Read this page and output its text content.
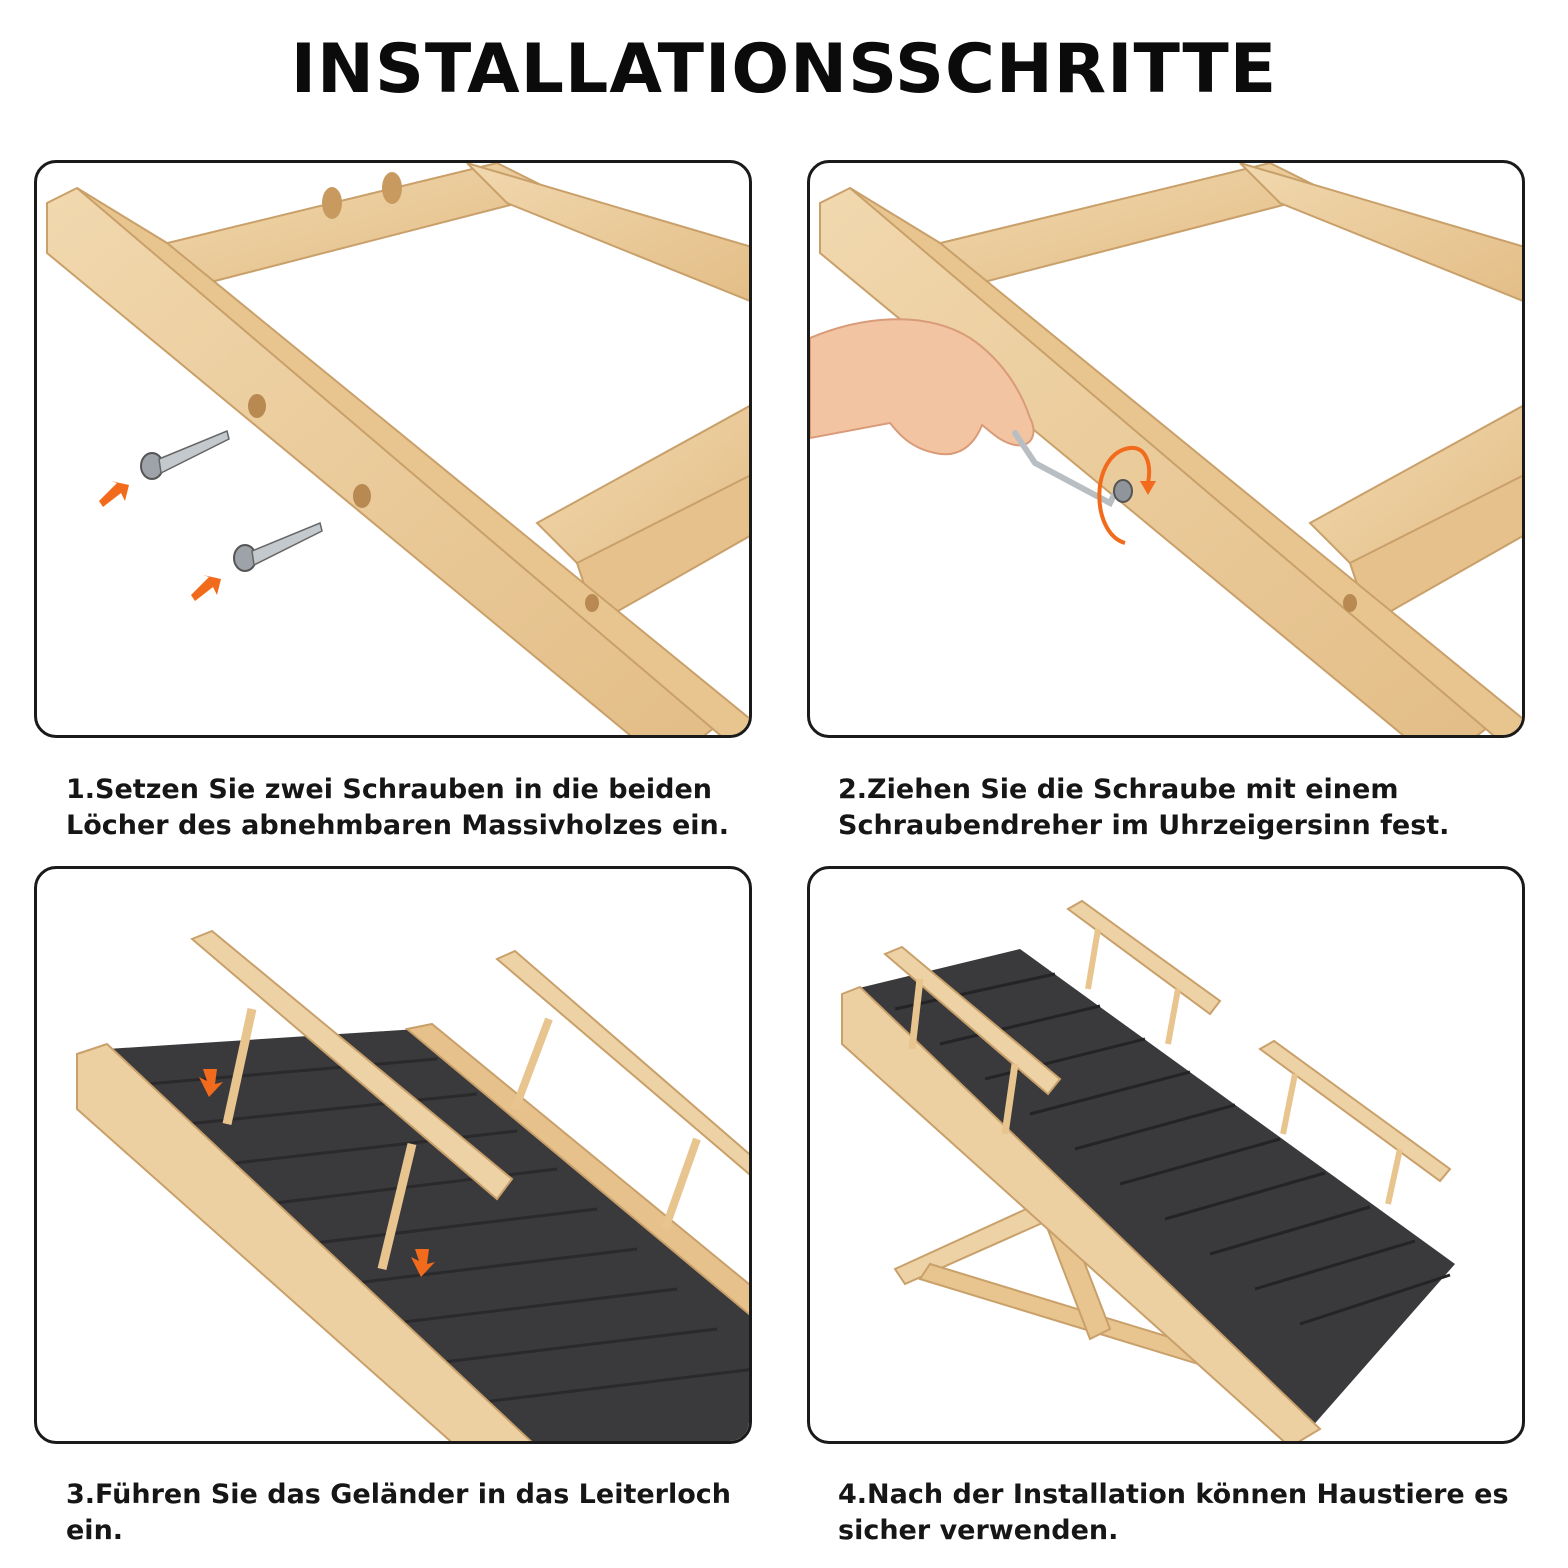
INSTALLATIONSSCHRITTE
1.Setzen Sie zwei Schrauben in die beiden Löcher des abnehmbaren Massivholzes ein.
2.Ziehen Sie die Schraube mit einem Schraubendreher im Uhrzeigersinn fest.
3.Führen Sie das Geländer in das Leiterloch ein.
4.Nach der Installation können Haustiere es sicher verwenden.
